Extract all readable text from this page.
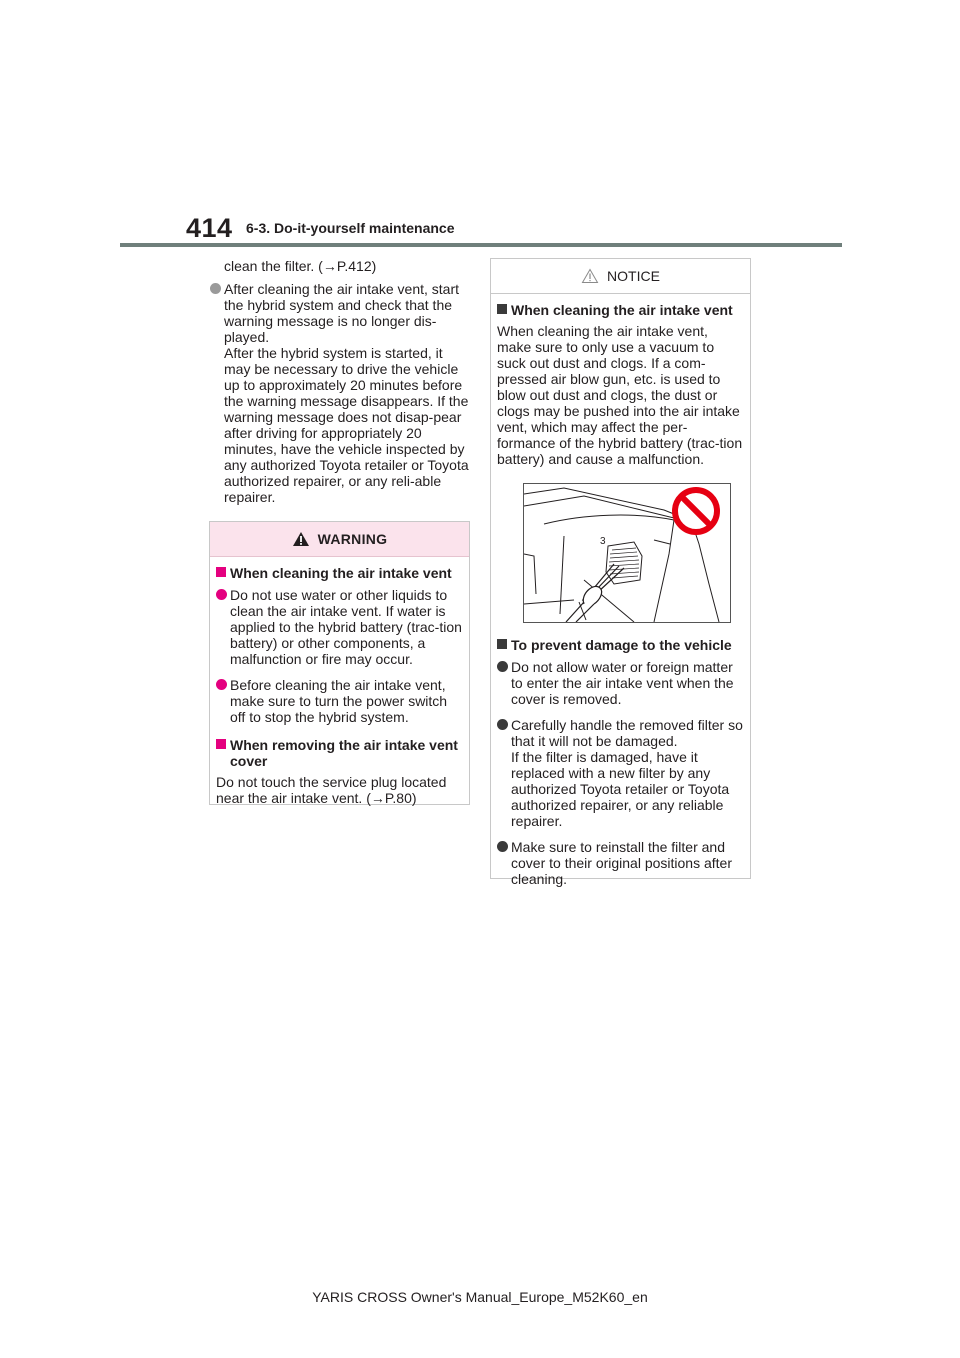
414 6-3. Do-it-yourself maintenance

clean the filter. (→P.412)

After cleaning the air intake vent, start the hybrid system and check that the warning message is no longer dis-played.
After the hybrid system is started, it may be necessary to drive the vehicle up to approximately 20 minutes before the warning message disappears. If the warning message does not disap-pear after driving for appropriately 20 minutes, have the vehicle inspected by any authorized Toyota retailer or Toyota authorized repairer, or any reli-able repairer.
WARNING
When cleaning the air intake vent
Do not use water or other liquids to clean the air intake vent. If water is applied to the hybrid battery (trac-tion battery) or other components, a malfunction or fire may occur.
Before cleaning the air intake vent, make sure to turn the power switch off to stop the hybrid system.
When removing the air intake vent cover

Do not touch the service plug located near the air intake vent. (→P.80)

NOTICE
When cleaning the air intake vent

When cleaning the air intake vent, make sure to only use a vacuum to suck out dust and clogs. If a com-pressed air blow gun, etc. is used to blow out dust and clogs, the dust or clogs may be pushed into the air intake vent, which may affect the per-formance of the hybrid battery (trac-tion battery) and cause a malfunction.

3
To prevent damage to the vehicle
Do not allow water or foreign matter to enter the air intake vent when the cover is removed.
Carefully handle the removed filter so that it will not be damaged.
If the filter is damaged, have it replaced with a new filter by any authorized Toyota retailer or Toyota authorized repairer, or any reliable repairer.
Make sure to reinstall the filter and cover to their original positions after cleaning.
YARIS CROSS Owner's Manual_Europe_M52K60_en
